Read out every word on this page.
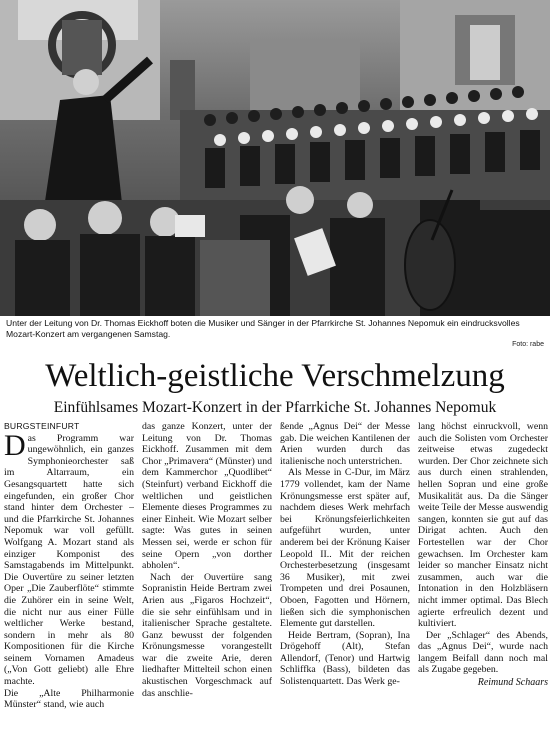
Unter der Leitung von Dr. Thomas Eickhoff boten die Musiker und Sänger in der Pfarrkirche St. Johannes Nepomuk ein eindrucksvolles Mozart-Konzert am vergangenen Samstag.
Foto: rabe
Weltlich-geistliche Verschmelzung
Einfühlsames Mozart-Konzert in der Pfarrkiche St. Johannes Nepomuk
BURGSTEINFURT

Das Programm war ungewöhnlich, ein ganzes Symphonieorchester saß im Altarraum, ein Gesangsquartett hatte sich eingefunden, ein großer Chor stand hinter dem Orchester – und die Pfarrkirche St. Johannes Nepomuk war voll gefüllt. Wolfgang A. Mozart stand als einziger Komponist des Samstagabends im Mittelpunkt. Die Ouvertüre zu seiner letzten Oper „Die Zauberflöte“ stimmte die Zuhörer ein in seine Welt, die nicht nur aus einer Fülle weltlicher Werke bestand, sondern in mehr als 80 Kompositionen für die Kirche seinem Vornamen Amadeus („Von Gott geliebt) alle Ehre machte.

Die „Alte Philharmonie Münster“ stand, wie auch

das ganze Konzert, unter der Leitung von Dr. Thomas Eickhoff. Zusammen mit dem Chor „Primavera“ (Münster) und dem Kammerchor „Quodlibet“ (Steinfurt) verband Eickhoff die weltlichen und geistlichen Elemente dieses Programmes zu einer Einheit. Wie Mozart selber sagte: Was gutes in seinen Messen sei, werde er schon für seine Opern „von dorther abholen“.

Nach der Ouvertüre sang Sopranistin Heide Bertram zwei Arien aus „Figaros Hochzeit“, die sie sehr einfühlsam und in italienischer Sprache gestaltete. Ganz bewusst der folgenden Krönungsmesse vorangestellt war die zweite Arie, deren liedhafter Mittelteil schon einen akustischen Vorgeschmack auf das anschlie-

ßende „Agnus Dei“ der Messe gab. Die weichen Kantilenen der Arien wurden durch das italienische noch unterstrichen.

Als Messe in C-Dur, im März 1779 vollendet, kam der Name Krönungsmesse erst später auf, nachdem dieses Werk mehrfach bei Krönungsfeierlichkeiten aufgeführt wurden, unter anderem bei der Krönung Kaiser Leopold II.. Mit der reichen Orchesterbesetzung (insgesamt 36 Musiker), mit zwei Trompeten und drei Posaunen, Oboen, Fagotten und Hörnern, ließen sich die symphonischen Elemente gut darstellen.

Heide Bertram, (Sopran), Ina Drögehoff (Alt), Stefan Allendorf, (Tenor) und Hartwig Schliffka (Bass), bildeten das Solistenquartett. Das Werk ge-

lang höchst einruckvoll, wenn auch die Solisten vom Orchester zeitweise etwas zugedeckt wurden. Der Chor zeichnete sich aus durch einen strahlenden, hellen Sopran und eine große Musikalität aus. Da die Sänger weite Teile der Messe auswendig sangen, konnten sie gut auf das Dirigat achten. Auch den Fortestellen war der Chor gewachsen. Im Orchester kam leider so mancher Einsatz nicht zusammen, auch war die Intonation in den Holzbläsern nicht immer optimal. Das Blech agierte erfreulich dezent und kultiviert.

Der „Schlager“ des Abends, das „Agnus Dei“, wurde nach langem Beifall dann noch mal als Zugabe gegeben.

Reimund Schaars
